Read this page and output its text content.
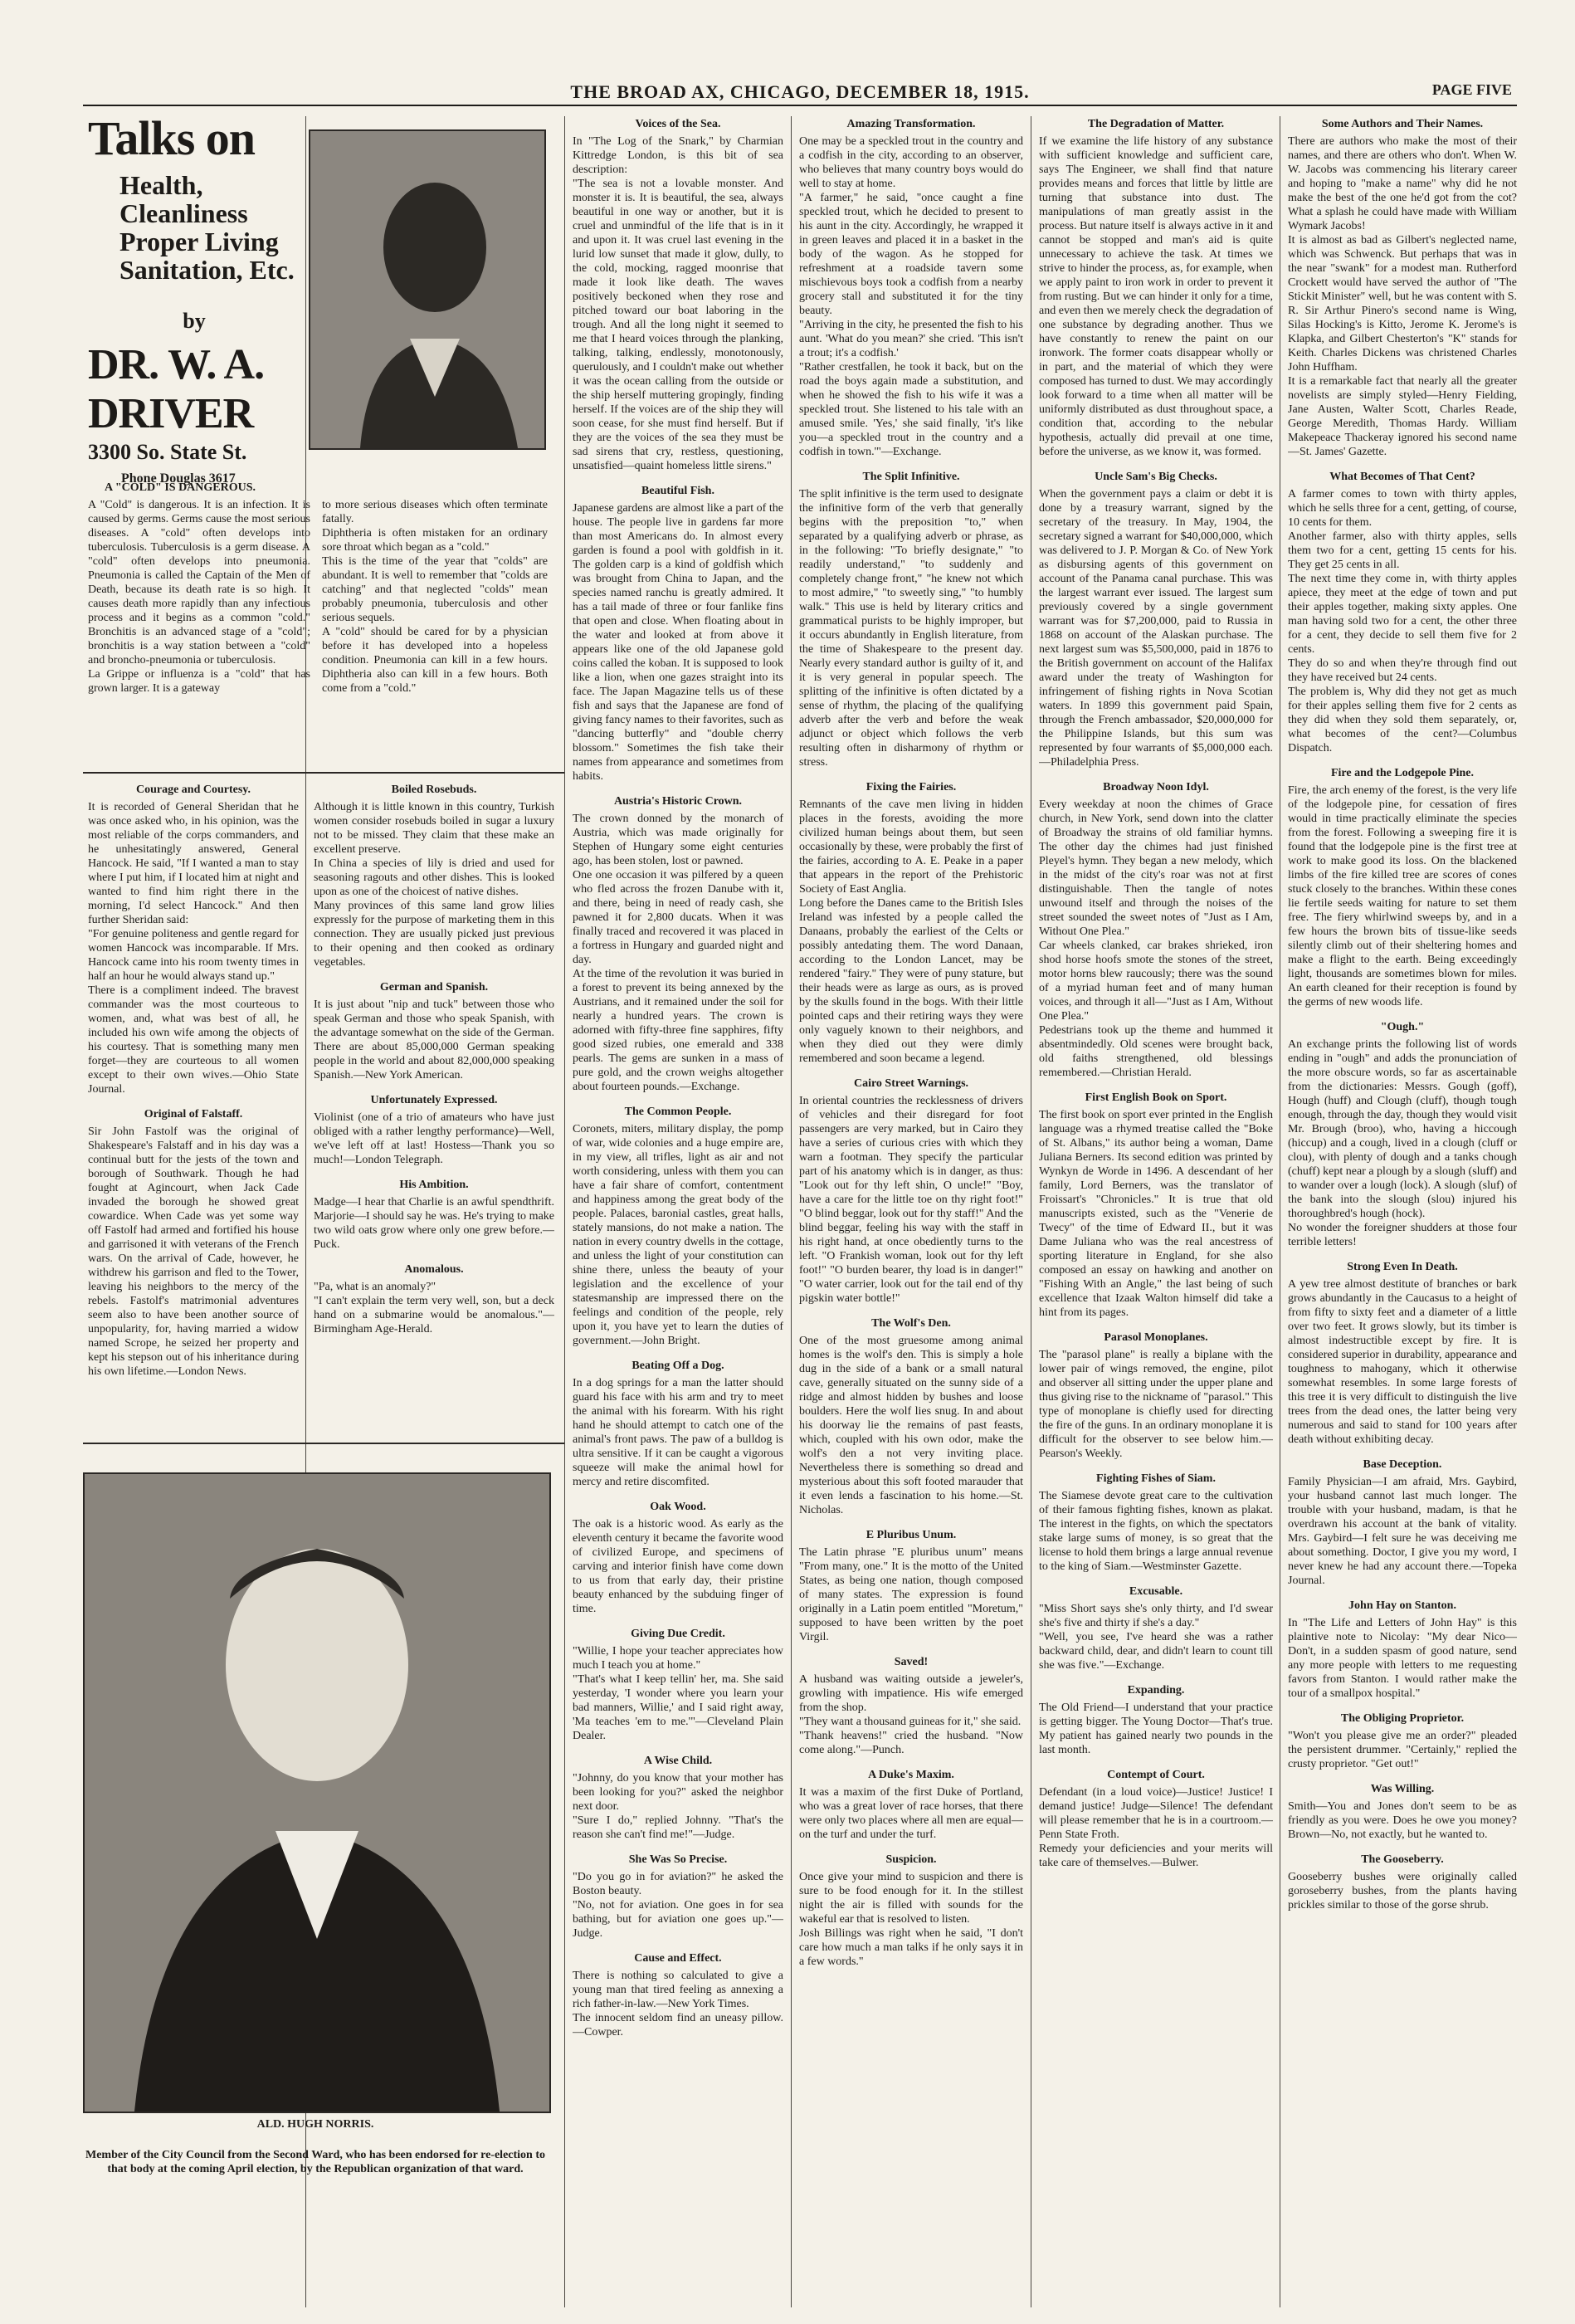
THE BROAD AX, CHICAGO, DECEMBER 18, 1915.	PAGE FIVE
Talks on
Health,
Cleanliness
Proper Living
Sanitation, Etc.
by
DR. W. A. DRIVER
3300 So. State St.
Phone Douglas 3617
A "COLD" IS DANGEROUS.

A "Cold" is dangerous. It is an infection. It is caused by germs. Germs cause the most serious diseases. A "cold" often develops into tuberculosis. Tuberculosis is a germ disease. A "cold" often develops into pneumonia. Pneumonia is called the Captain of the Men of Death, because its death rate is so high. It causes death more rapidly than any infectious process and it begins as a common "cold." Bronchitis is an advanced stage of a "cold"; bronchitis is a way station between a "cold" and broncho-pneumonia or tuberculosis.
La Grippe or influenza is a "cold" that has grown larger. It is a gateway

to more serious diseases which often terminate fatally.
Diphtheria is often mistaken for an ordinary sore throat which began as a "cold."
This is the time of the year that "colds" are abundant. It is well to remember that "colds are catching" and that neglected "colds" mean probably pneumonia, tuberculosis and other serious sequels.
A "cold" should be cared for by a physician before it has developed into a hopeless condition. Pneumonia can kill in a few hours. Diphtheria also can kill in a few hours. Both come from a "cold."

Courage and Courtesy.

It is recorded of General Sheridan that he was once asked who, in his opinion, was the most reliable of the corps commanders, and he unhesitatingly answered, General Hancock. He said, "If I wanted a man to stay where I put him, if I located him at night and wanted to find him right there in the morning, I'd select Hancock." And then further Sheridan said:
"For genuine politeness and gentle regard for women Hancock was incomparable. If Mrs. Hancock came into his room twenty times in half an hour he would always stand up."
There is a compliment indeed. The bravest commander was the most courteous to women, and, what was best of all, he included his own wife among the objects of his courtesy. That is something many men forget—they are courteous to all women except to their own wives.—Ohio State Journal.

Original of Falstaff.

Sir John Fastolf was the original of Shakespeare's Falstaff and in his day was a continual butt for the jests of the town and borough of Southwark. Though he had fought at Agincourt, when Jack Cade invaded the borough he showed great cowardice. When Cade was yet some way off Fastolf had armed and fortified his house and garrisoned it with veterans of the French wars. On the arrival of Cade, however, he withdrew his garrison and fled to the Tower, leaving his neighbors to the mercy of the rebels. Fastolf's matrimonial adventures seem also to have been another source of unpopularity, for, having married a widow named Scrope, he seized her property and kept his stepson out of his inheritance during his own lifetime.—London News.

Boiled Rosebuds.

Although it is little known in this country, Turkish women consider rosebuds boiled in sugar a luxury not to be missed. They claim that these make an excellent preserve.
In China a species of lily is dried and used for seasoning ragouts and other dishes. This is looked upon as one of the choicest of native dishes.
Many provinces of this same land grow lilies expressly for the purpose of marketing them in this connection. They are usually picked just previous to their opening and then cooked as ordinary vegetables.

German and Spanish.

It is just about "nip and tuck" between those who speak German and those who speak Spanish, with the advantage somewhat on the side of the German. There are about 85,000,000 German speaking people in the world and about 82,000,000 speaking Spanish.—New York American.

Unfortunately Expressed.

Violinist (one of a trio of amateurs who have just obliged with a rather lengthy performance)—Well, we've left off at last! Hostess—Thank you so much!—London Telegraph.

His Ambition.

Madge—I hear that Charlie is an awful spendthrift. Marjorie—I should say he was. He's trying to make two wild oats grow where only one grew before.—Puck.

Anomalous.

"Pa, what is an anomaly?"
"I can't explain the term very well, son, but a deck hand on a submarine would be anomalous."—Birmingham Age-Herald.

ALD. HUGH NORRIS.
Member of the City Council from the Second Ward, who has been endorsed for re-election to that body at the coming April election, by the Republican organization of that ward.
Voices of the Sea.

In "The Log of the Snark," by Charmian Kittredge London, is this bit of sea description:
"The sea is not a lovable monster. And monster it is. It is beautiful, the sea, always beautiful in one way or another, but it is cruel and unmindful of the life that is in it and upon it. It was cruel last evening in the lurid low sunset that made it glow, dully, to the cold, mocking, ragged moonrise that made it look like death. The waves positively beckoned when they rose and pitched toward our boat laboring in the trough. And all the long night it seemed to me that I heard voices through the planking, talking, talking, endlessly, monotonously, querulously, and I couldn't make out whether it was the ocean calling from the outside or the ship herself muttering gropingly, finding herself. If the voices are of the ship they will soon cease, for she must find herself. But if they are the voices of the sea they must be sad sirens that cry, restless, questioning, unsatisfied—quaint homeless little sirens."

Beautiful Fish.

Japanese gardens are almost like a part of the house. The people live in gardens far more than most Americans do. In almost every garden is found a pool with goldfish in it. The golden carp is a kind of goldfish which was brought from China to Japan, and the species named ranchu is greatly admired. It has a tail made of three or four fanlike fins that open and close. When floating about in the water and looked at from above it appears like one of the old Japanese gold coins called the koban. It is supposed to look like a lion, when one gazes straight into its face. The Japan Magazine tells us of these fish and says that the Japanese are fond of giving fancy names to their favorites, such as "dancing butterfly" and "double cherry blossom." Sometimes the fish take their names from appearance and sometimes from habits.

Austria's Historic Crown.

The crown donned by the monarch of Austria, which was made originally for Stephen of Hungary some eight centuries ago, has been stolen, lost or pawned.
One one occasion it was pilfered by a queen who fled across the frozen Danube with it, and there, being in need of ready cash, she pawned it for 2,800 ducats. When it was finally traced and recovered it was placed in a fortress in Hungary and guarded night and day.
At the time of the revolution it was buried in a forest to prevent its being annexed by the Austrians, and it remained under the soil for nearly a hundred years. The crown is adorned with fifty-three fine sapphires, fifty good sized rubies, one emerald and 338 pearls. The gems are sunken in a mass of pure gold, and the crown weighs altogether about fourteen pounds.—Exchange.

The Common People.

Coronets, miters, military display, the pomp of war, wide colonies and a huge empire are, in my view, all trifles, light as air and not worth considering, unless with them you can have a fair share of comfort, contentment and happiness among the great body of the people. Palaces, baronial castles, great halls, stately mansions, do not make a nation. The nation in every country dwells in the cottage, and unless the light of your constitution can shine there, unless the beauty of your legislation and the excellence of your statesmanship are impressed there on the feelings and condition of the people, rely upon it, you have yet to learn the duties of government.—John Bright.

Beating Off a Dog.

In a dog springs for a man the latter should guard his face with his arm and try to meet the animal with his forearm. With his right hand he should attempt to catch one of the animal's front paws. The paw of a bulldog is ultra sensitive. If it can be caught a vigorous squeeze will make the animal howl for mercy and retire discomfited.

Oak Wood.

The oak is a historic wood. As early as the eleventh century it became the favorite wood of civilized Europe, and specimens of carving and interior finish have come down to us from that early day, their pristine beauty enhanced by the subduing finger of time.

Giving Due Credit.

"Willie, I hope your teacher appreciates how much I teach you at home."
"That's what I keep tellin' her, ma. She said yesterday, 'I wonder where you learn your bad manners, Willie,' and I said right away, 'Ma teaches 'em to me.'"—Cleveland Plain Dealer.

A Wise Child.

"Johnny, do you know that your mother has been looking for you?" asked the neighbor next door.
"Sure I do," replied Johnny. "That's the reason she can't find me!"—Judge.

She Was So Precise.

"Do you go in for aviation?" he asked the Boston beauty.
"No, not for aviation. One goes in for sea bathing, but for aviation one goes up."—Judge.

Cause and Effect.

There is nothing so calculated to give a young man that tired feeling as annexing a rich father-in-law.—New York Times.
The innocent seldom find an uneasy pillow.—Cowper.

Amazing Transformation.

One may be a speckled trout in the country and a codfish in the city, according to an observer, who believes that many country boys would do well to stay at home.
"A farmer," he said, "once caught a fine speckled trout, which he decided to present to his aunt in the city. Accordingly, he wrapped it in green leaves and placed it in a basket in the body of the wagon. As he stopped for refreshment at a roadside tavern some mischievous boys took a codfish from a nearby grocery stall and substituted it for the tiny beauty.
"Arriving in the city, he presented the fish to his aunt. 'What do you mean?' she cried. 'This isn't a trout; it's a codfish.'
"Rather crestfallen, he took it back, but on the road the boys again made a substitution, and when he showed the fish to his wife it was a speckled trout. She listened to his tale with an amused smile. 'Yes,' she said finally, 'it's like you—a speckled trout in the country and a codfish in town.'"—Exchange.

The Split Infinitive.

The split infinitive is the term used to designate the infinitive form of the verb that generally begins with the preposition "to," when separated by a qualifying adverb or phrase, as in the following: "To briefly designate," "to readily understand," "to suddenly and completely change front," "he knew not which to most admire," "to sweetly sing," "to humbly walk." This use is held by literary critics and grammatical purists to be highly improper, but it occurs abundantly in English literature, from the time of Shakespeare to the present day. Nearly every standard author is guilty of it, and it is very general in popular speech. The splitting of the infinitive is often dictated by a sense of rhythm, the placing of the qualifying adverb after the verb and before the weak adjunct or object which follows the verb resulting often in disharmony of rhythm or stress.

Fixing the Fairies.

Remnants of the cave men living in hidden places in the forests, avoiding the more civilized human beings about them, but seen occasionally by these, were probably the first of the fairies, according to A. E. Peake in a paper that appears in the report of the Prehistoric Society of East Anglia.
Long before the Danes came to the British Isles Ireland was infested by a people called the Danaans, probably the earliest of the Celts or possibly antedating them. The word Danaan, according to the London Lancet, may be rendered "fairy." They were of puny stature, but their heads were as large as ours, as is proved by the skulls found in the bogs. With their little pointed caps and their retiring ways they were only vaguely known to their neighbors, and when they died out they were dimly remembered and soon became a legend.

Cairo Street Warnings.

In oriental countries the recklessness of drivers of vehicles and their disregard for foot passengers are very marked, but in Cairo they have a series of curious cries with which they warn a footman. They specify the particular part of his anatomy which is in danger, as thus: "Look out for thy left shin, O uncle!" "Boy, have a care for the little toe on thy right foot!" "O blind beggar, look out for thy staff!" And the blind beggar, feeling his way with the staff in his right hand, at once obediently turns to the left. "O Frankish woman, look out for thy left foot!" "O burden bearer, thy load is in danger!" "O water carrier, look out for the tail end of thy pigskin water bottle!"

The Wolf's Den.

One of the most gruesome among animal homes is the wolf's den. This is simply a hole dug in the side of a bank or a small natural cave, generally situated on the sunny side of a ridge and almost hidden by bushes and loose boulders. Here the wolf lies snug. In and about his doorway lie the remains of past feasts, which, coupled with his own odor, make the wolf's den a not very inviting place. Nevertheless there is something so dread and mysterious about this soft footed marauder that it even lends a fascination to his home.—St. Nicholas.

E Pluribus Unum.

The Latin phrase "E pluribus unum" means "From many, one." It is the motto of the United States, as being one nation, though composed of many states. The expression is found originally in a Latin poem entitled "Moretum," supposed to have been written by the poet Virgil.

Saved!

A husband was waiting outside a jeweler's, growling with impatience. His wife emerged from the shop.
"They want a thousand guineas for it," she said.
"Thank heavens!" cried the husband. "Now come along."—Punch.

A Duke's Maxim.

It was a maxim of the first Duke of Portland, who was a great lover of race horses, that there were only two places where all men are equal—on the turf and under the turf.

Suspicion.

Once give your mind to suspicion and there is sure to be food enough for it. In the stillest night the air is filled with sounds for the wakeful ear that is resolved to listen.
Josh Billings was right when he said, "I don't care how much a man talks if he only says it in a few words."

The Degradation of Matter.

If we examine the life history of any substance with sufficient knowledge and sufficient care, says The Engineer, we shall find that nature provides means and forces that little by little are turning that substance into dust. The manipulations of man greatly assist in the process. But nature itself is always active in it and cannot be stopped and man's aid is quite unnecessary to achieve the task. At times we strive to hinder the process, as, for example, when we apply paint to iron work in order to prevent it from rusting. But we can hinder it only for a time, and even then we merely check the degradation of one substance by degrading another. Thus we have constantly to renew the paint on our ironwork. The former coats disappear wholly or in part, and the material of which they were composed has turned to dust. We may accordingly look forward to a time when all matter will be uniformly distributed as dust throughout space, a condition that, according to the nebular hypothesis, actually did prevail at one time, before the universe, as we know it, was formed.

Uncle Sam's Big Checks.

When the government pays a claim or debt it is done by a treasury warrant, signed by the secretary of the treasury. In May, 1904, the secretary signed a warrant for $40,000,000, which was delivered to J. P. Morgan & Co. of New York as disbursing agents of this government on account of the Panama canal purchase. This was the largest warrant ever issued. The largest sum previously covered by a single government warrant was for $7,200,000, paid to Russia in 1868 on account of the Alaskan purchase. The next largest sum was $5,500,000, paid in 1876 to the British government on account of the Halifax award under the treaty of Washington for infringement of fishing rights in Nova Scotian waters. In 1899 this government paid Spain, through the French ambassador, $20,000,000 for the Philippine Islands, but this sum was represented by four warrants of $5,000,000 each.—Philadelphia Press.

Broadway Noon Idyl.

Every weekday at noon the chimes of Grace church, in New York, send down into the clatter of Broadway the strains of old familiar hymns. The other day the chimes had just finished Pleyel's hymn. They began a new melody, which in the midst of the city's roar was not at first distinguishable. Then the tangle of notes unwound itself and through the noises of the street sounded the sweet notes of "Just as I Am, Without One Plea."
Car wheels clanked, car brakes shrieked, iron shod horse hoofs smote the stones of the street, motor horns blew raucously; there was the sound of a myriad human feet and of many human voices, and through it all—"Just as I Am, Without One Plea."
Pedestrians took up the theme and hummed it absentmindedly. Old scenes were brought back, old faiths strengthened, old blessings remembered.—Christian Herald.

First English Book on Sport.

The first book on sport ever printed in the English language was a rhymed treatise called the "Boke of St. Albans," its author being a woman, Dame Juliana Berners. Its second edition was printed by Wynkyn de Worde in 1496. A descendant of her family, Lord Berners, was the translator of Froissart's "Chronicles." It is true that old manuscripts existed, such as the "Venerie de Twecy" of the time of Edward II., but it was Dame Juliana who was the real ancestress of sporting literature in England, for she also composed an essay on hawking and another on "Fishing With an Angle," the last being of such excellence that Izaak Walton himself did take a hint from its pages.

Parasol Monoplanes.

The "parasol plane" is really a biplane with the lower pair of wings removed, the engine, pilot and observer all sitting under the upper plane and thus giving rise to the nickname of "parasol." This type of monoplane is chiefly used for directing the fire of the guns. In an ordinary monoplane it is difficult for the observer to see below him.—Pearson's Weekly.

Fighting Fishes of Siam.

The Siamese devote great care to the cultivation of their famous fighting fishes, known as plakat. The interest in the fights, on which the spectators stake large sums of money, is so great that the license to hold them brings a large annual revenue to the king of Siam.—Westminster Gazette.

Excusable.

"Miss Short says she's only thirty, and I'd swear she's five and thirty if she's a day."
"Well, you see, I've heard she was a rather backward child, dear, and didn't learn to count till she was five."—Exchange.

Expanding.

The Old Friend—I understand that your practice is getting bigger. The Young Doctor—That's true. My patient has gained nearly two pounds in the last month.

Contempt of Court.

Defendant (in a loud voice)—Justice! Justice! I demand justice! Judge—Silence! The defendant will please remember that he is in a courtroom.—Penn State Froth.
Remedy your deficiencies and your merits will take care of themselves.—Bulwer.

Some Authors and Their Names.

There are authors who make the most of their names, and there are others who don't. When W. W. Jacobs was commencing his literary career and hoping to "make a name" why did he not make the best of the one he'd got from the cot? What a splash he could have made with William Wymark Jacobs!
It is almost as bad as Gilbert's neglected name, which was Schwenck. But perhaps that was in the near "swank" for a modest man. Rutherford Crockett would have served the author of "The Stickit Minister" well, but he was content with S. R. Sir Arthur Pinero's second name is Wing, Silas Hocking's is Kitto, Jerome K. Jerome's is Klapka, and Gilbert Chesterton's "K" stands for Keith. Charles Dickens was christened Charles John Huffham.
It is a remarkable fact that nearly all the greater novelists are simply styled—Henry Fielding, Jane Austen, Walter Scott, Charles Reade, George Meredith, Thomas Hardy. William Makepeace Thackeray ignored his second name—St. James' Gazette.

What Becomes of That Cent?

A farmer comes to town with thirty apples, which he sells three for a cent, getting, of course, 10 cents for them.
Another farmer, also with thirty apples, sells them two for a cent, getting 15 cents for his. They get 25 cents in all.
The next time they come in, with thirty apples apiece, they meet at the edge of town and put their apples together, making sixty apples. One man having sold two for a cent, the other three for a cent, they decide to sell them five for 2 cents.
They do so and when they're through find out they have received but 24 cents.
The problem is, Why did they not get as much for their apples selling them five for 2 cents as they did when they sold them separately, or, what becomes of the cent?—Columbus Dispatch.

Fire and the Lodgepole Pine.

Fire, the arch enemy of the forest, is the very life of the lodgepole pine, for cessation of fires would in time practically eliminate the species from the forest. Following a sweeping fire it is found that the lodgepole pine is the first tree at work to make good its loss. On the blackened limbs of the fire killed tree are scores of cones stuck closely to the branches. Within these cones lie fertile seeds waiting for nature to set them free. The fiery whirlwind sweeps by, and in a few hours the brown bits of tissue-like seeds silently climb out of their sheltering homes and make a flight to the earth. Being exceedingly light, thousands are sometimes blown for miles. An earth cleaned for their reception is found by the germs of new woods life.

"Ough."

An exchange prints the following list of words ending in "ough" and adds the pronunciation of the more obscure words, so far as ascertainable from the dictionaries: Messrs. Gough (goff), Hough (huff) and Clough (cluff), though tough enough, through the day, though they would visit Mr. Brough (broo), who, having a hiccough (hiccup) and a cough, lived in a clough (cluff or clou), with plenty of dough and a tanks chough (chuff) kept near a plough by a slough (sluff) and to wander over a lough (lock). A slough (sluf) of the bank into the slough (slou) injured his thoroughbred's hough (hock).
No wonder the foreigner shudders at those four terrible letters!

Strong Even In Death.

A yew tree almost destitute of branches or bark grows abundantly in the Caucasus to a height of from fifty to sixty feet and a diameter of a little over two feet. It grows slowly, but its timber is almost indestructible except by fire. It is considered superior in durability, appearance and toughness to mahogany, which it otherwise somewhat resembles. In some large forests of this tree it is very difficult to distinguish the live trees from the dead ones, the latter being very numerous and said to stand for 100 years after death without exhibiting decay.

Base Deception.

Family Physician—I am afraid, Mrs. Gaybird, your husband cannot last much longer. The trouble with your husband, madam, is that he overdrawn his account at the bank of vitality. Mrs. Gaybird—I felt sure he was deceiving me about something. Doctor, I give you my word, I never knew he had any account there.—Topeka Journal.

John Hay on Stanton.

In "The Life and Letters of John Hay" is this plaintive note to Nicolay: "My dear Nico—Don't, in a sudden spasm of good nature, send any more people with letters to me requesting favors from Stanton. I would rather make the tour of a smallpox hospital."

The Obliging Proprietor.

"Won't you please give me an order?" pleaded the persistent drummer. "Certainly," replied the crusty proprietor. "Get out!"

Was Willing.

Smith—You and Jones don't seem to be as friendly as you were. Does he owe you money? Brown—No, not exactly, but he wanted to.

The Gooseberry.

Gooseberry bushes were originally called goroseberry bushes, from the plants having prickles similar to those of the gorse shrub.
